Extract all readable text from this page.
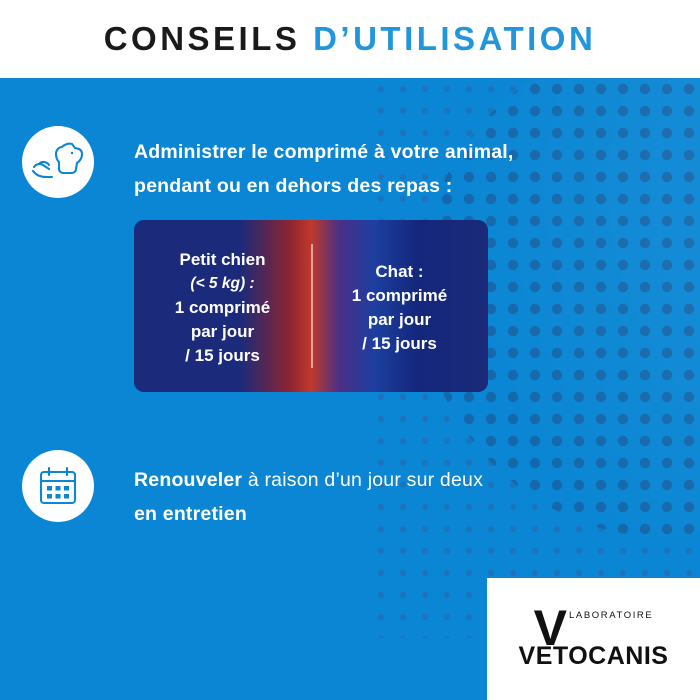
CONSEILS D’UTILISATION
Administrer le comprimé à votre animal,
pendant ou en dehors des repas :
Petit chien
(< 5 kg) :
1 comprimé
par jour
/ 15 jours
Chat :
1 comprimé
par jour
/ 15 jours
Renouveler à raison d’un jour sur deux
en entretien
V LABORATOIRE
VETOCANIS
